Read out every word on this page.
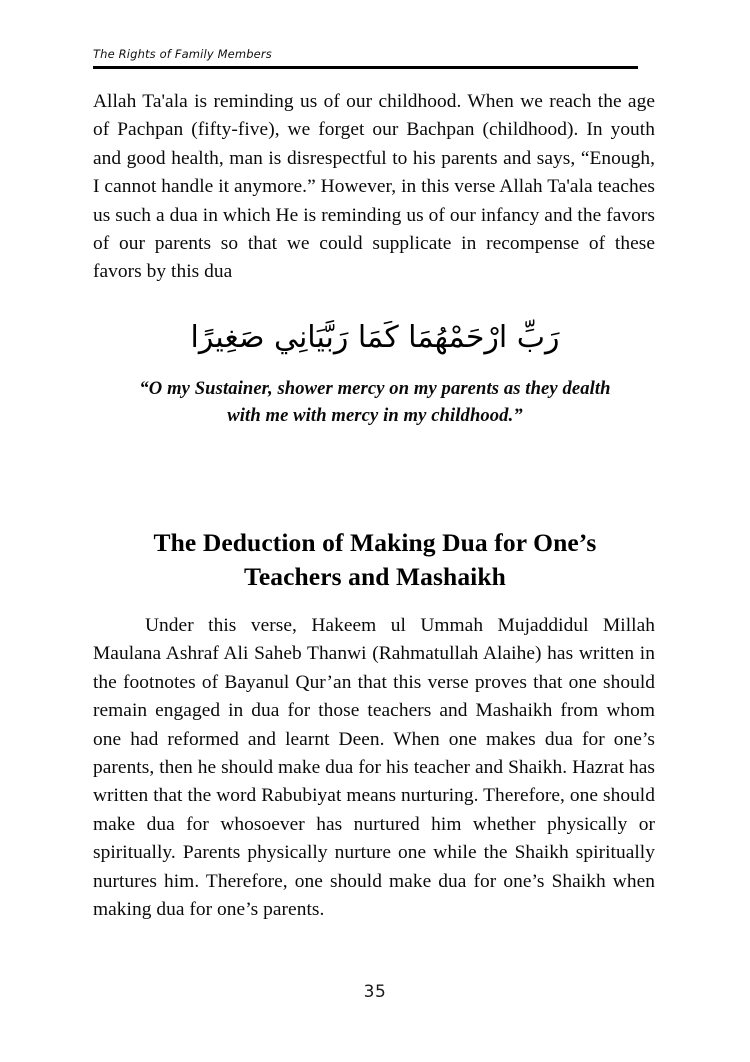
The Rights of Family Members

Allah Ta'ala is reminding us of our childhood. When we reach the age of Pachpan (fifty-five), we forget our Bachpan (childhood). In youth and good health, man is disrespectful to his parents and says, “Enough, I cannot handle it anymore.” However, in this verse Allah Ta'ala teaches us such a dua in which He is reminding us of our infancy and the favors of our parents so that we could supplicate in recompense of these favors by this dua

رَبِّ ارْحَمْهُمَا كَمَا رَبَّيَانِي صَغِيرًا
“O my Sustainer, shower mercy on my parents as they dealth
with me with mercy in my childhood.”
The Deduction of Making Dua for One’s
Teachers and Mashaikh

Under this verse, Hakeem ul Ummah Mujaddidul Millah Maulana Ashraf Ali Saheb Thanwi (Rahmatullah Alaihe) has written in the footnotes of Bayanul Qur’an that this verse proves that one should remain engaged in dua for those teachers and Mashaikh from whom one had reformed and learnt Deen. When one makes dua for one’s parents, then he should make dua for his teacher and Shaikh. Hazrat has written that the word Rabubiyat means nurturing. Therefore, one should make dua for whosoever has nurtured him whether physically or spiritually. Parents physically nurture one while the Shaikh spiritually nurtures him. Therefore, one should make dua for one’s Shaikh when making dua for one’s parents.

35
